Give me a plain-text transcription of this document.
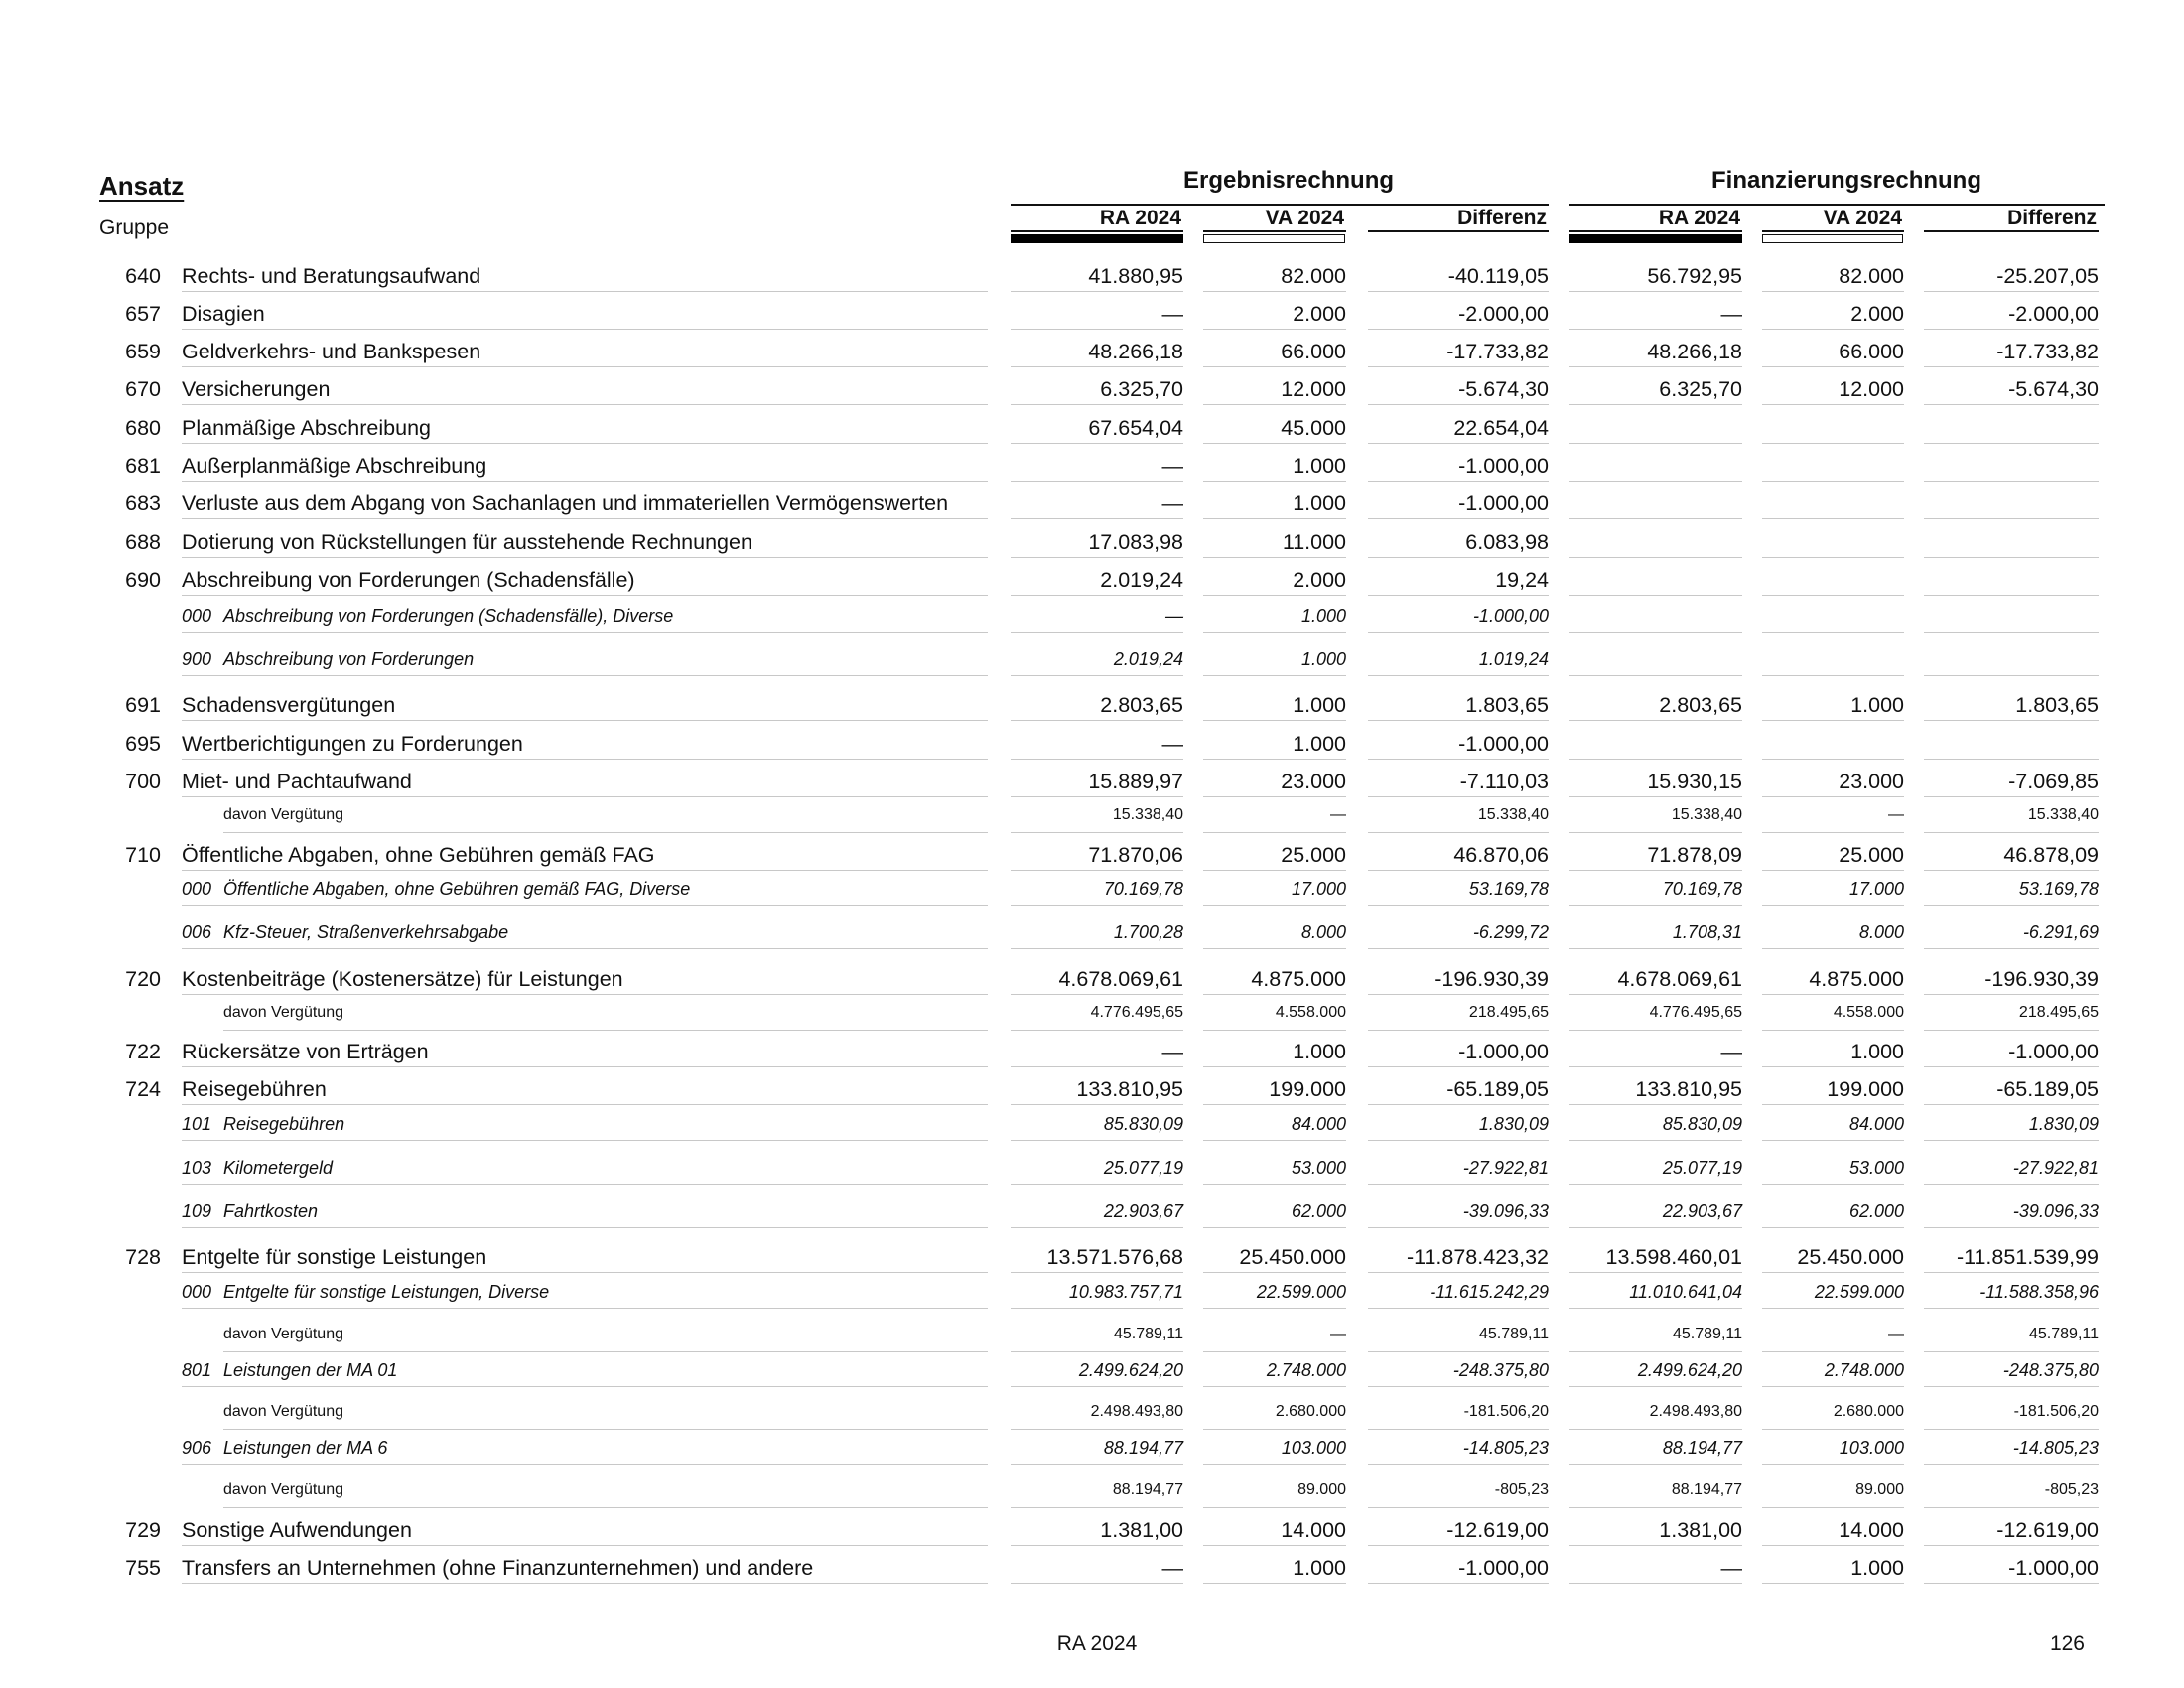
Ansatz
Gruppe
Ergebnisrechnung	Finanzierungsrechnung
RA 2024	VA 2024	Differenz	RA 2024	VA 2024	Differenz
640 Rechts- und Beratungsaufwand	41.880,95	82.000	-40.119,05	56.792,95	82.000	-25.207,05
657 Disagien	—	2.000	-2.000,00	—	2.000	-2.000,00
659 Geldverkehrs- und Bankspesen	48.266,18	66.000	-17.733,82	48.266,18	66.000	-17.733,82
670 Versicherungen	6.325,70	12.000	-5.674,30	6.325,70	12.000	-5.674,30
680 Planmäßige Abschreibung	67.654,04	45.000	22.654,04
681 Außerplanmäßige Abschreibung	—	1.000	-1.000,00
683 Verluste aus dem Abgang von Sachanlagen und immateriellen Vermögenswerten	—	1.000	-1.000,00
688 Dotierung von Rückstellungen für ausstehende Rechnungen	17.083,98	11.000	6.083,98
690 Abschreibung von Forderungen (Schadensfälle)	2.019,24	2.000	19,24
000 Abschreibung von Forderungen (Schadensfälle), Diverse	—	1.000	-1.000,00
900 Abschreibung von Forderungen	2.019,24	1.000	1.019,24
691 Schadensvergütungen	2.803,65	1.000	1.803,65	2.803,65	1.000	1.803,65
695 Wertberichtigungen zu Forderungen	—	1.000	-1.000,00
700 Miet- und Pachtaufwand	15.889,97	23.000	-7.110,03	15.930,15	23.000	-7.069,85
davon Vergütung	15.338,40	—	15.338,40	15.338,40	—	15.338,40
710 Öffentliche Abgaben, ohne Gebühren gemäß FAG	71.870,06	25.000	46.870,06	71.878,09	25.000	46.878,09
000 Öffentliche Abgaben, ohne Gebühren gemäß FAG, Diverse	70.169,78	17.000	53.169,78	70.169,78	17.000	53.169,78
006 Kfz-Steuer, Straßenverkehrsabgabe	1.700,28	8.000	-6.299,72	1.708,31	8.000	-6.291,69
720 Kostenbeiträge (Kostenersätze) für Leistungen	4.678.069,61	4.875.000	-196.930,39	4.678.069,61	4.875.000	-196.930,39
davon Vergütung	4.776.495,65	4.558.000	218.495,65	4.776.495,65	4.558.000	218.495,65
722 Rückersätze von Erträgen	—	1.000	-1.000,00	—	1.000	-1.000,00
724 Reisegebühren	133.810,95	199.000	-65.189,05	133.810,95	199.000	-65.189,05
101 Reisegebühren	85.830,09	84.000	1.830,09	85.830,09	84.000	1.830,09
103 Kilometergeld	25.077,19	53.000	-27.922,81	25.077,19	53.000	-27.922,81
109 Fahrtkosten	22.903,67	62.000	-39.096,33	22.903,67	62.000	-39.096,33
728 Entgelte für sonstige Leistungen	13.571.576,68	25.450.000	-11.878.423,32	13.598.460,01	25.450.000	-11.851.539,99
000 Entgelte für sonstige Leistungen, Diverse	10.983.757,71	22.599.000	-11.615.242,29	11.010.641,04	22.599.000	-11.588.358,96
davon Vergütung	45.789,11	—	45.789,11	45.789,11	—	45.789,11
801 Leistungen der MA 01	2.499.624,20	2.748.000	-248.375,80	2.499.624,20	2.748.000	-248.375,80
davon Vergütung	2.498.493,80	2.680.000	-181.506,20	2.498.493,80	2.680.000	-181.506,20
906 Leistungen der MA 6	88.194,77	103.000	-14.805,23	88.194,77	103.000	-14.805,23
davon Vergütung	88.194,77	89.000	-805,23	88.194,77	89.000	-805,23
729 Sonstige Aufwendungen	1.381,00	14.000	-12.619,00	1.381,00	14.000	-12.619,00
755 Transfers an Unternehmen (ohne Finanzunternehmen) und andere	—	1.000	-1.000,00	—	1.000	-1.000,00
RA 2024	126
